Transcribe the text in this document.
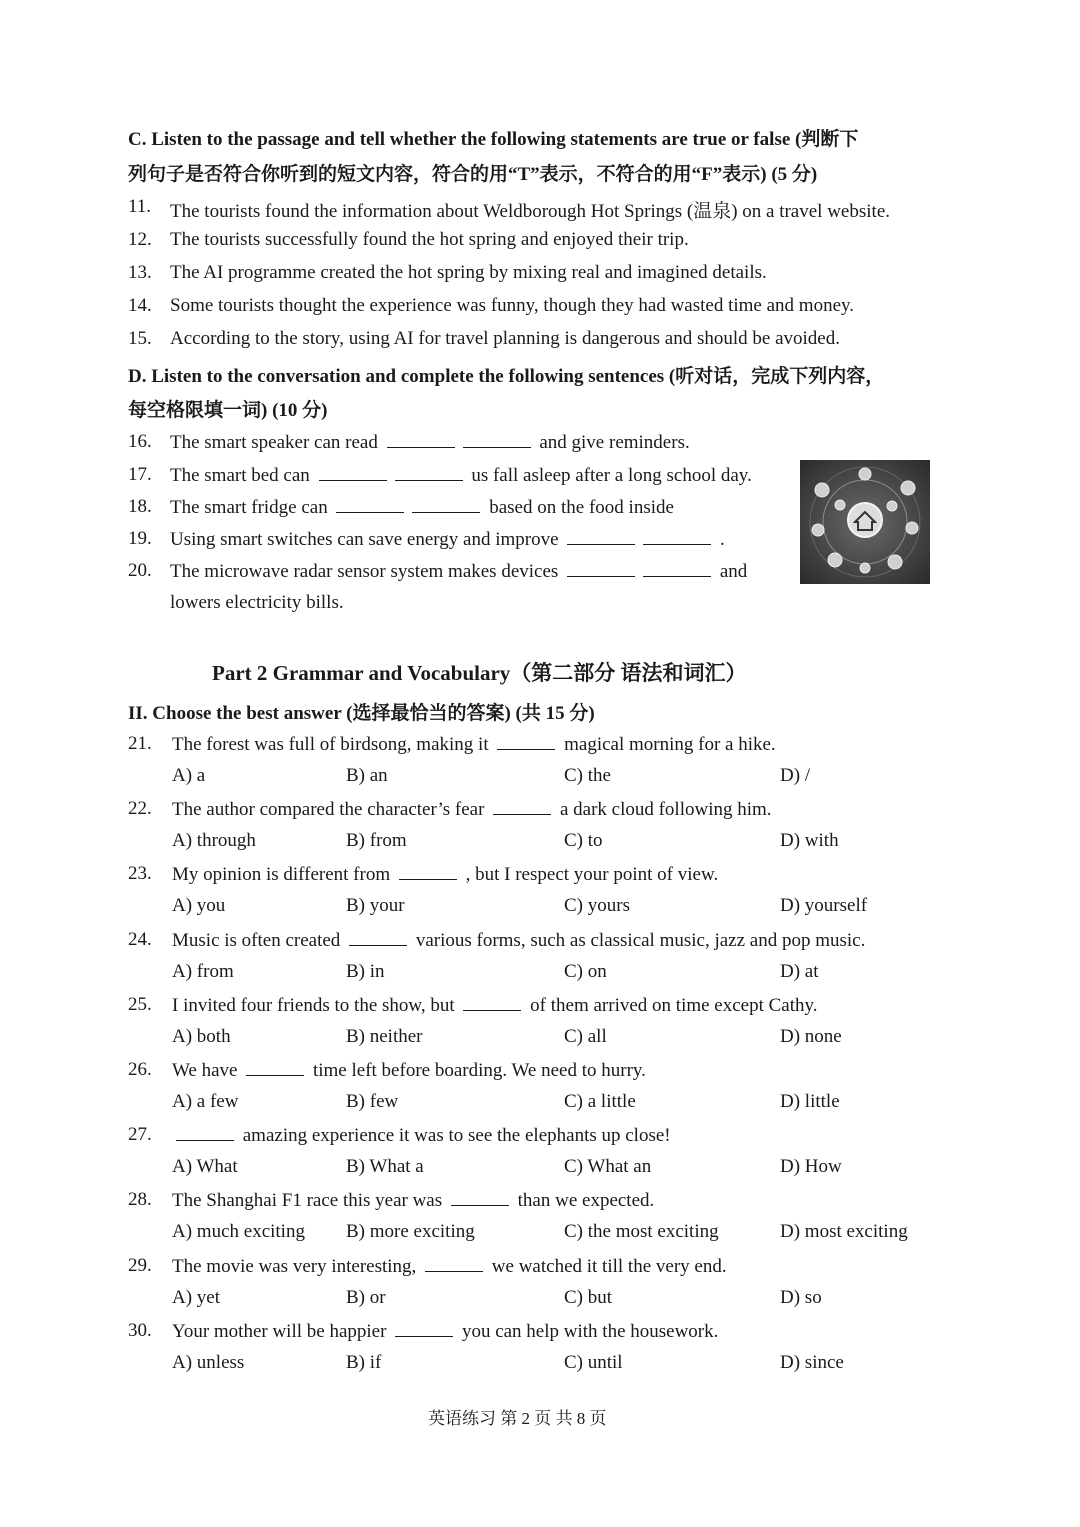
C. Listen to the passage and tell whether the following statements are true or false (判断下
列句子是否符合你听到的短文内容，符合的用“T”表示，不符合的用“F”表示) (5 分)
11. The tourists found the information about Weldborough Hot Springs (温泉) on a travel website.
12. The tourists successfully found the hot spring and enjoyed their trip.
13. The AI programme created the hot spring by mixing real and imagined details.
14. Some tourists thought the experience was funny, though they had wasted time and money.
15. According to the story, using AI for travel planning is dangerous and should be avoided.
D. Listen to the conversation and complete the following sentences (听对话，完成下列内容，
每空格限填一词) (10 分)
16. The smart speaker can read	and give reminders.
17. The smart bed can	us fall asleep after a long school day.
18. The smart fridge can	based on the food inside
19. Using smart switches can save energy and improve	.
20. The microwave radar sensor system makes devices	and
lowers electricity bills.
Part 2 Grammar and Vocabulary（第二部分 语法和词汇）
II. Choose the best answer (选择最恰当的答案) (共 15 分)
21. The forest was full of birdsong, making it	magical morning for a hike.
A) a	B) an	C) the	D) /
22. The author compared the character’s fear	a dark cloud following him.
A) through	B) from	C) to	D) with
23. My opinion is different from	, but I respect your point of view.
A) you	B) your	C) yours	D) yourself
24. Music is often created	various forms, such as classical music, jazz and pop music.
A) from	B) in	C) on	D) at
25. I invited four friends to the show, but	of them arrived on time except Cathy.
A) both	B) neither	C) all	D) none
26. We have	time left before boarding. We need to hurry.
A) a few	B) few	C) a little	D) little
27.	amazing experience it was to see the elephants up close!
A) What	B) What a	C) What an	D) How
28. The Shanghai F1 race this year was	than we expected.
A) much exciting B) more exciting	C) the most exciting	D) most exciting
29. The movie was very interesting,	we watched it till the very end.
A) yet	B) or	C) but	D) so
30. Your mother will be happier	you can help with the housework.
A) unless	B) if	C) until	D) since
英语练习 第 2 页 共 8 页
